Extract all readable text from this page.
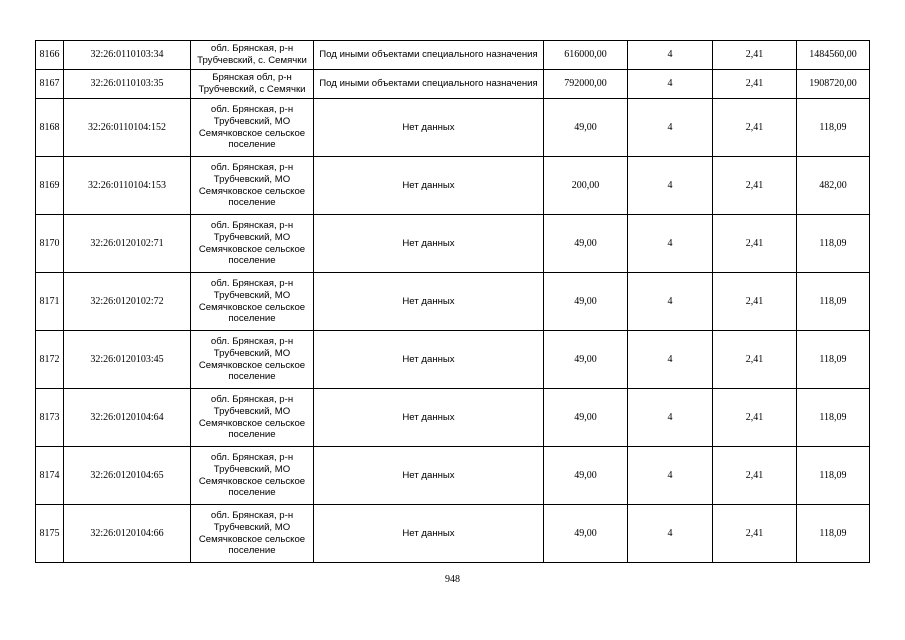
8166	32:26:0110103:34	обл. Брянская, р-н Трубчевский, с. Семячки	Под иными объектами специального назначения	616000,00	4	2,41	1484560,00
8167	32:26:0110103:35	Брянская обл, р-н Трубчевский, с Семячки	Под иными объектами специального назначения	792000,00	4	2,41	1908720,00
8168	32:26:0110104:152	обл. Брянская, р-н Трубчевский, МО Семячковское сельское поселение	Нет данных	49,00	4	2,41	118,09
8169	32:26:0110104:153	обл. Брянская, р-н Трубчевский, МО Семячковское сельское поселение	Нет данных	200,00	4	2,41	482,00
8170	32:26:0120102:71	обл. Брянская, р-н Трубчевский, МО Семячковское сельское поселение	Нет данных	49,00	4	2,41	118,09
8171	32:26:0120102:72	обл. Брянская, р-н Трубчевский, МО Семячковское сельское поселение	Нет данных	49,00	4	2,41	118,09
8172	32:26:0120103:45	обл. Брянская, р-н Трубчевский, МО Семячковское сельское поселение	Нет данных	49,00	4	2,41	118,09
8173	32:26:0120104:64	обл. Брянская, р-н Трубчевский, МО Семячковское сельское поселение	Нет данных	49,00	4	2,41	118,09
8174	32:26:0120104:65	обл. Брянская, р-н Трубчевский, МО Семячковское сельское поселение	Нет данных	49,00	4	2,41	118,09
8175	32:26:0120104:66	обл. Брянская, р-н Трубчевский, МО Семячковское сельское поселение	Нет данных	49,00	4	2,41	118,09
948
